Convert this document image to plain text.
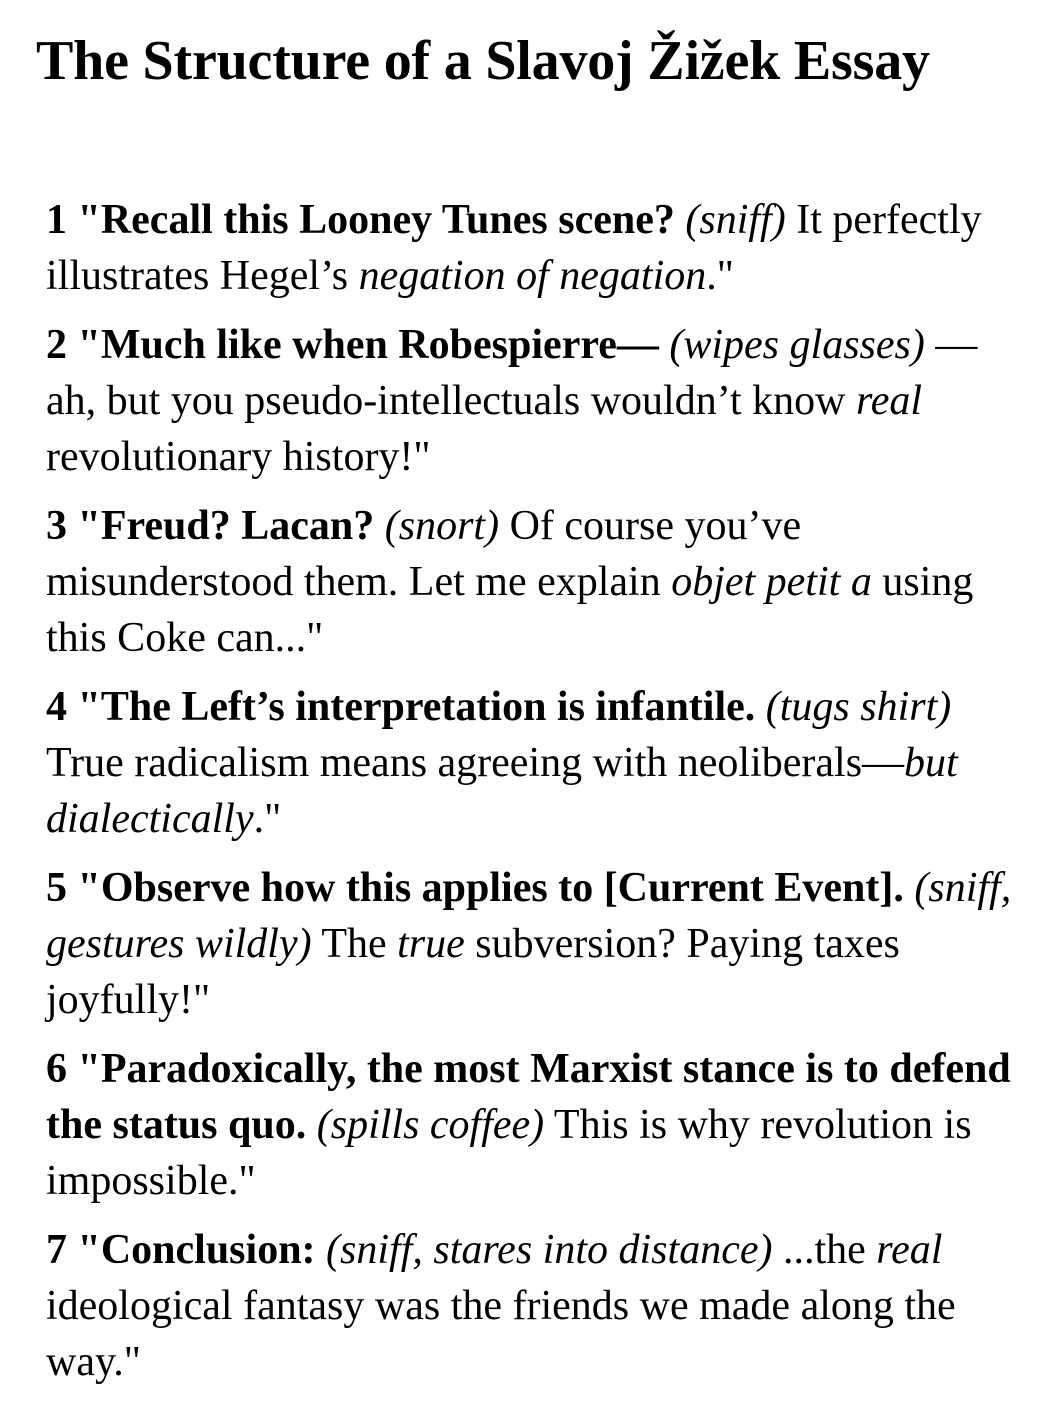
The Structure of a Slavoj Žižek Essay
1 "Recall this Looney Tunes scene? (sniff) It perfectly illustrates Hegel’s negation of negation."
2 "Much like when Robespierre— (wipes glasses) —ah, but you pseudo-intellectuals wouldn’t know real revolutionary history!"
3 "Freud? Lacan? (snort) Of course you’ve misunderstood them. Let me explain objet petit a using this Coke can..."
4 "The Left’s interpretation is infantile. (tugs shirt) True radicalism means agreeing with neoliberals—but dialectically."
5 "Observe how this applies to [Current Event]. (sniff, gestures wildly) The true subversion? Paying taxes joyfully!"
6 "Paradoxically, the most Marxist stance is to defend the status quo. (spills coffee) This is why revolution is impossible."
7 "Conclusion: (sniff, stares into distance) ...the real ideological fantasy was the friends we made along the way."
